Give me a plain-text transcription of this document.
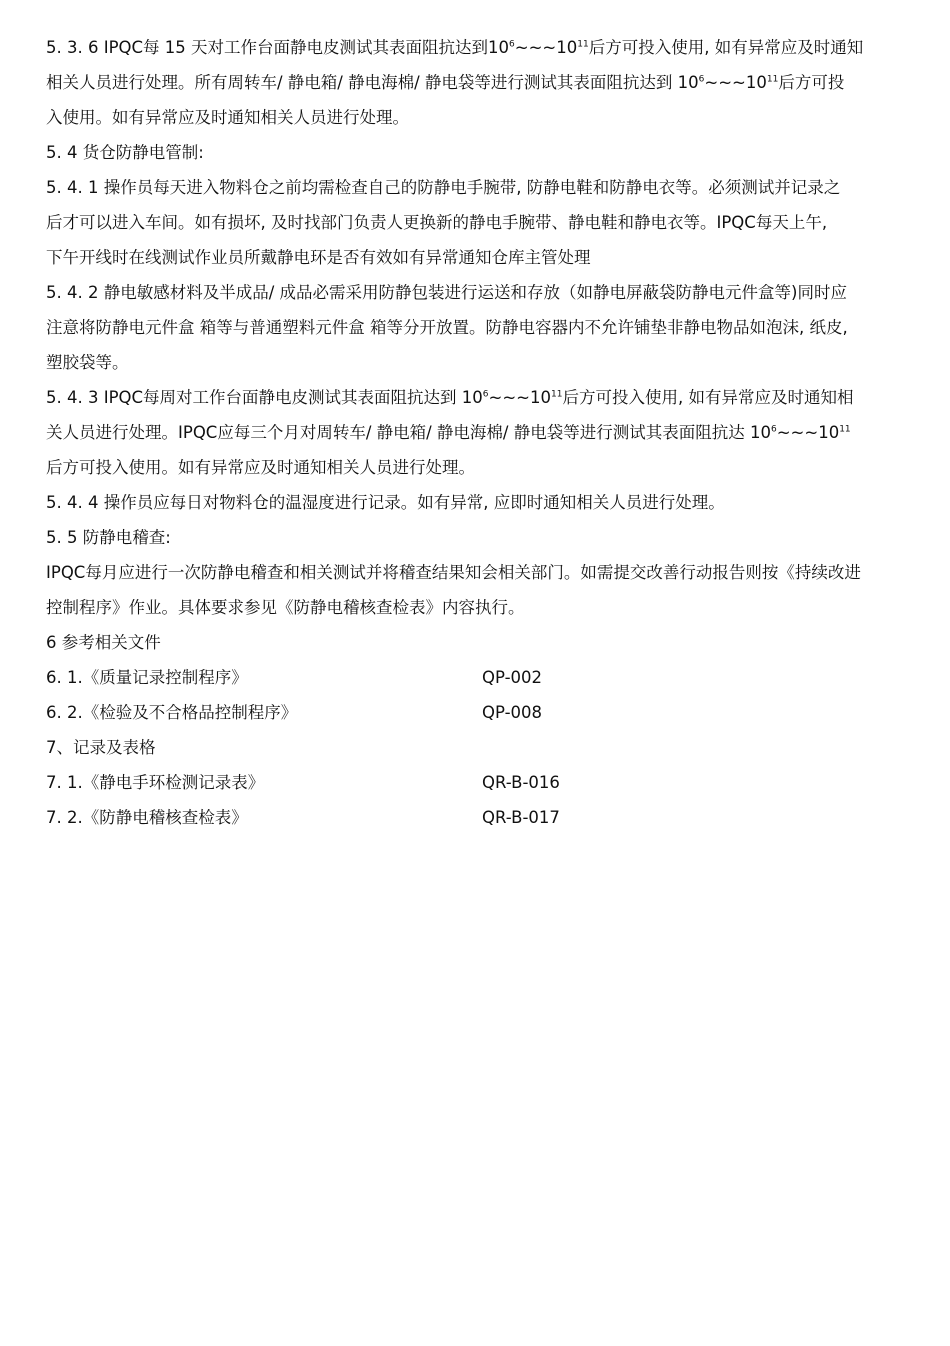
5. 3. 6 IPQC每 15 天对工作台面静电皮测试其表面阻抗达到$10^6\sim\sim\sim 10^{11}$后方可投入使用, 如有异常应及时通知
相关人员进行处理。所有周转车/ 静电箱/ 静电海棉/ 静电袋等进行测试其表面阻抗达到 $10^6\sim\sim\sim 10^{11}$后方可投
入使用。如有异常应及时通知相关人员进行处理。
5. 4 货仓防静电管制:
5. 4. 1 操作员每天进入物料仓之前均需检查自己的防静电手腕带, 防静电鞋和防静电衣等。必须测试并记录之
后才可以进入车间。如有损坏, 及时找部门负责人更换新的静电手腕带、静电鞋和静电衣等。IPQC每天上午,
下午开线时在线测试作业员所戴静电环是否有效如有异常通知仓库主管处理
5. 4. 2 静电敏感材料及半成品/ 成品必需采用防静包装进行运送和存放（如静电屏蔽袋防静电元件盒等)同时应
注意将防静电元件盒 箱等与普通塑料元件盒 箱等分开放置。防静电容器内不允许铺垫非静电物品如泡沫, 纸皮,
塑胶袋等。
5. 4. 3 IPQC每周对工作台面静电皮测试其表面阻抗达到 $10^6\sim\sim\sim 10^{11}$后方可投入使用, 如有异常应及时通知相
关人员进行处理。IPQC应每三个月对周转车/ 静电箱/ 静电海棉/ 静电袋等进行测试其表面阻抗达 $10^6\sim\sim\sim 10^{11}$
后方可投入使用。如有异常应及时通知相关人员进行处理。
5. 4. 4 操作员应每日对物料仓的温湿度进行记录。如有异常, 应即时通知相关人员进行处理。
5. 5 防静电稽查:
IPQC每月应进行一次防静电稽查和相关测试并将稽查结果知会相关部门。如需提交改善行动报告则按《持续改进
控制程序》作业。具体要求参见《防静电稽核查检表》内容执行。
6 参考相关文件
6. 1.《质量记录控制程序》	QP-002
6. 2.《检验及不合格品控制程序》	QP-008
7、记录及表格
7. 1.《静电手环检测记录表》	QR-B-016
7. 2.《防静电稽核查检表》	QR-B-017
